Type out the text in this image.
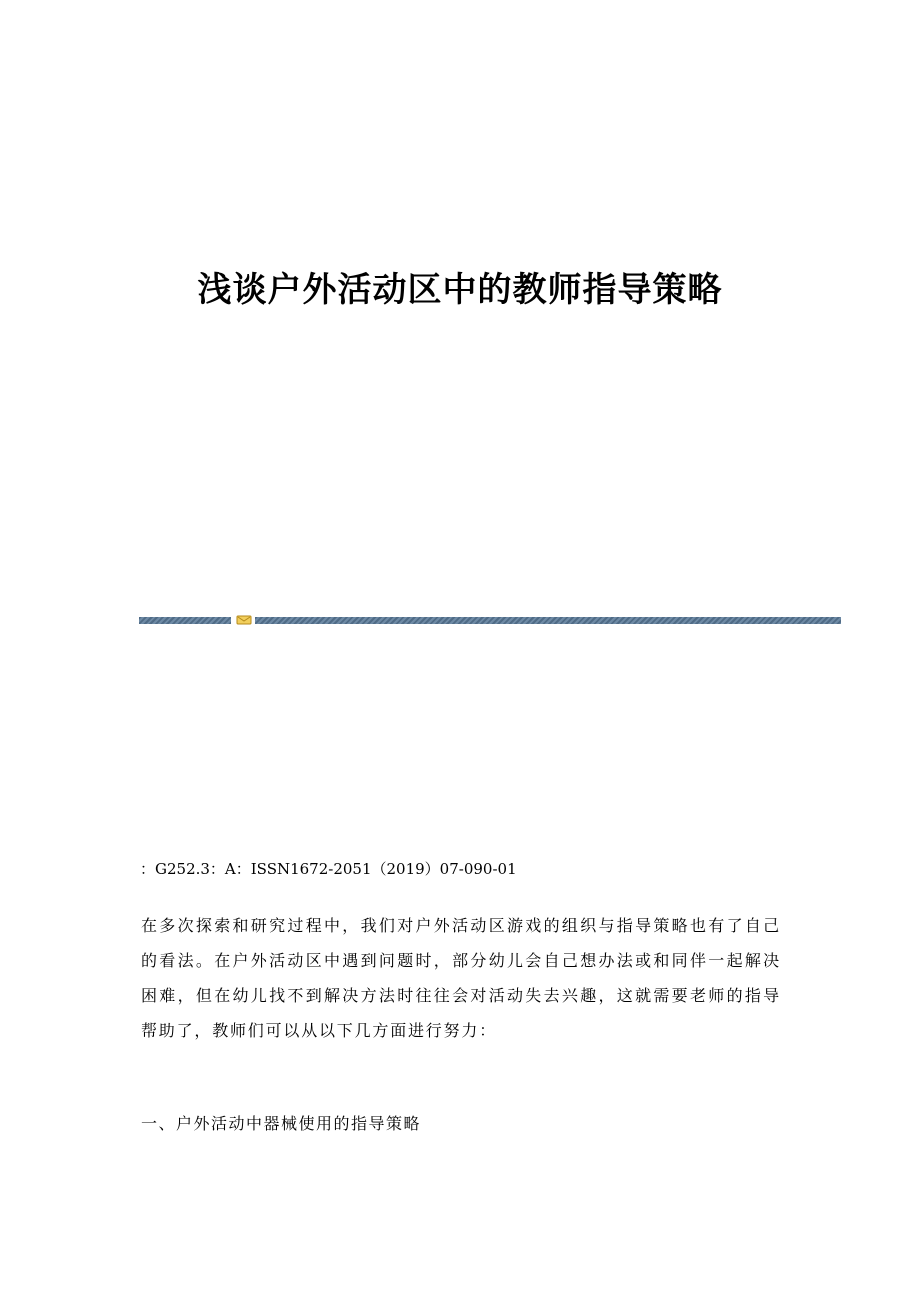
浅谈户外活动区中的教师指导策略

：G252.3：A：ISSN1672-2051（2019）07-090-01

在多次探索和研究过程中，我们对户外活动区游戏的组织与指导策略也有了自己的看法。在户外活动区中遇到问题时，部分幼儿会自己想办法或和同伴一起解决困难，但在幼儿找不到解决方法时往往会对活动失去兴趣，这就需要老师的指导帮助了，教师们可以从以下几方面进行努力：

一、户外活动中器械使用的指导策略
